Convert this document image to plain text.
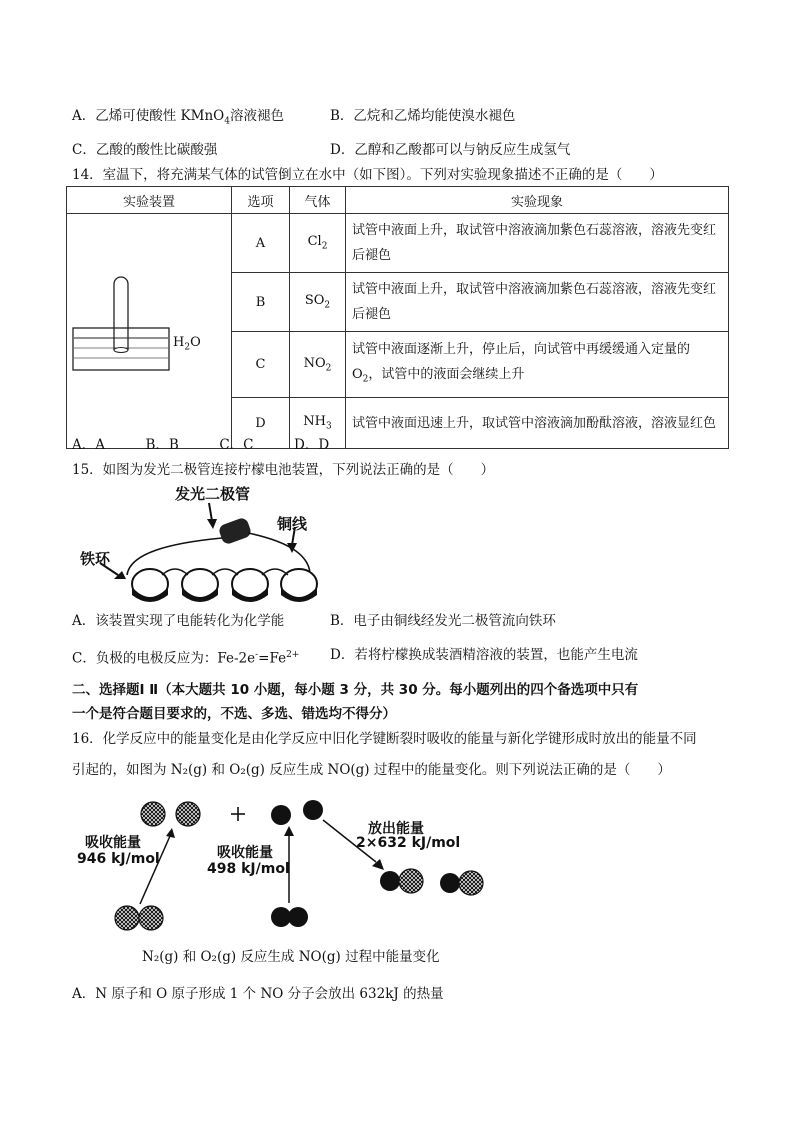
A．乙烯可使酸性 KMnO$_4$溶液褪色	B．乙烷和乙烯均能使溴水褪色
C．乙酸的酸性比碳酸强	D．乙醇和乙酸都可以与钠反应生成氢气
14．室温下，将充满某气体的试管倒立在水中（如下图）。下列对实验现象描述不正确的是（　　）
实验装置	选项	气体	实验现象

$H_2O$	A	$Cl_2$	试管中液面上升，取试管中溶液滴加紫色石蕊溶液，溶液先变红后褪色
	B	$SO_2$	试管中液面上升，取试管中溶液滴加紫色石蕊溶液，溶液先变红后褪色
	C	$NO_2$	试管中液面逐渐上升，停止后，向试管中再缓缓通入定量的 $O_2$，试管中的液面会继续上升
	D	$NH_3$	试管中液面迅速上升，取试管中溶液滴加酚酞溶液，溶液显红色
A．A　　　B．B　　　C．C　　　D．D
15．如图为发光二极管连接柠檬电池装置，下列说法正确的是（　　）
发光二极管
铜线
铁环
A．该装置实现了电能转化为化学能	B．电子由铜线经发光二极管流向铁环
C．负极的电极反应为：$Fe-2e^-=Fe^{2+}$ D．若将柠檬换成装酒精溶液的装置，也能产生电流
二、选择题Ⅰ Ⅱ（本大题共 10 小题，每小题 3 分，共 30 分。每小题列出的四个备选项中只有
一个是符合题目要求的，不选、多选、错选均不得分）
16．化学反应中的能量变化是由化学反应中旧化学键断裂时吸收的能量与新化学键形成时放出的能量不同
引起的，如图为 N₂(g) 和 O₂(g) 反应生成 NO(g) 过程中的能量变化。则下列说法正确的是（　　）
吸收能量
946 kJ/mol	吸收能量
498 kJ/mol
放出能量
2×632 kJ/mol
N₂(g) 和 O₂(g) 反应生成 NO(g) 过程中能量变化
A．N 原子和 O 原子形成 1 个 NO 分子会放出 632kJ 的热量
